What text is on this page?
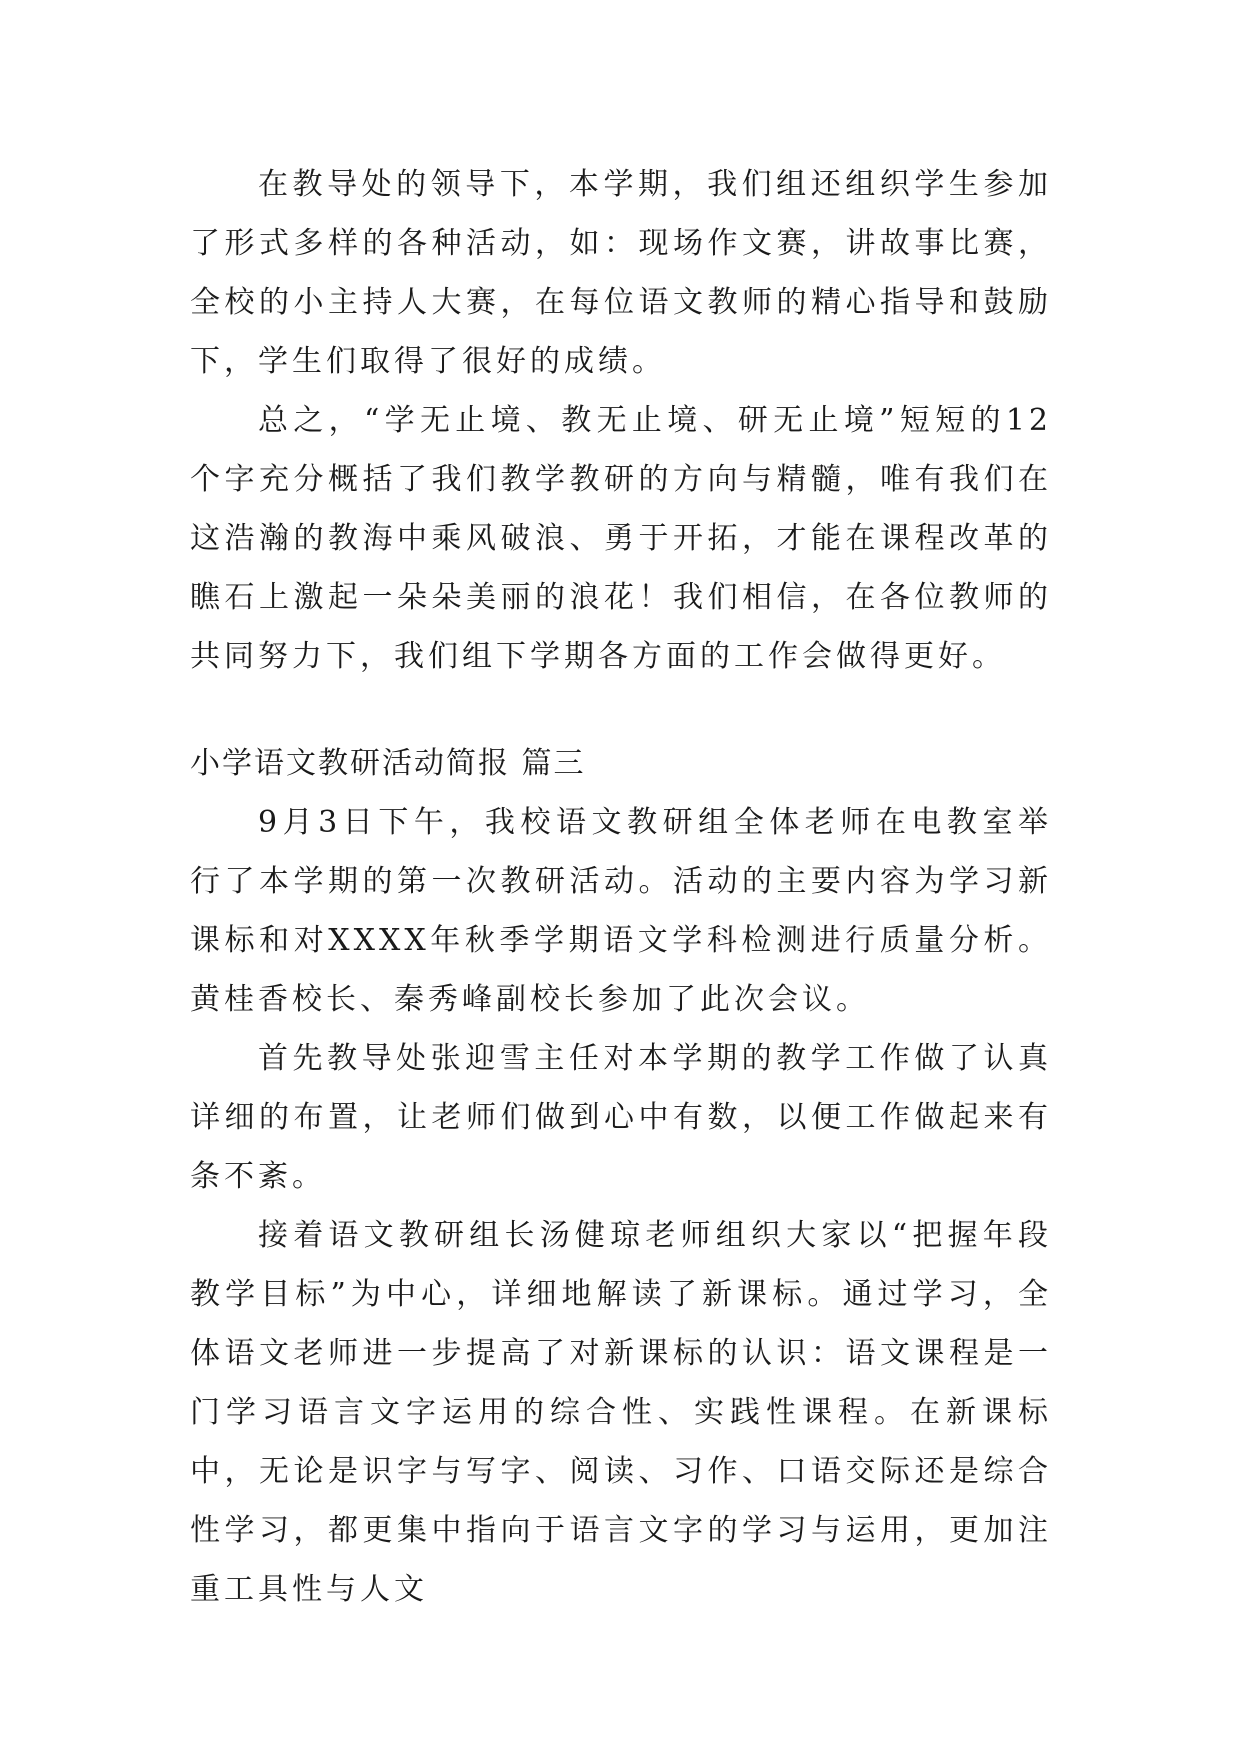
在教导处的领导下，本学期，我们组还组织学生参加了形式多样的各种活动，如：现场作文赛，讲故事比赛，全校的小主持人大赛，在每位语文教师的精心指导和鼓励下，学生们取得了很好的成绩。

总之，“学无止境、教无止境、研无止境”短短的12个字充分概括了我们教学教研的方向与精髓，唯有我们在这浩瀚的教海中乘风破浪、勇于开拓，才能在课程改革的瞧石上激起一朵朵美丽的浪花！我们相信，在各位教师的共同努力下，我们组下学期各方面的工作会做得更好。

小学语文教研活动简报 篇三

9月3日下午，我校语文教研组全体老师在电教室举行了本学期的第一次教研活动。活动的主要内容为学习新课标和对XXXX年秋季学期语文学科检测进行质量分析。黄桂香校长、秦秀峰副校长参加了此次会议。

首先教导处张迎雪主任对本学期的教学工作做了认真详细的布置，让老师们做到心中有数，以便工作做起来有条不紊。

接着语文教研组长汤健琼老师组织大家以“把握年段教学目标”为中心，详细地解读了新课标。通过学习，全体语文老师进一步提高了对新课标的认识：语文课程是一门学习语言文字运用的综合性、实践性课程。在新课标中，无论是识字与写字、阅读、习作、口语交际还是综合性学习，都更集中指向于语言文字的学习与运用，更加注重工具性与人文
